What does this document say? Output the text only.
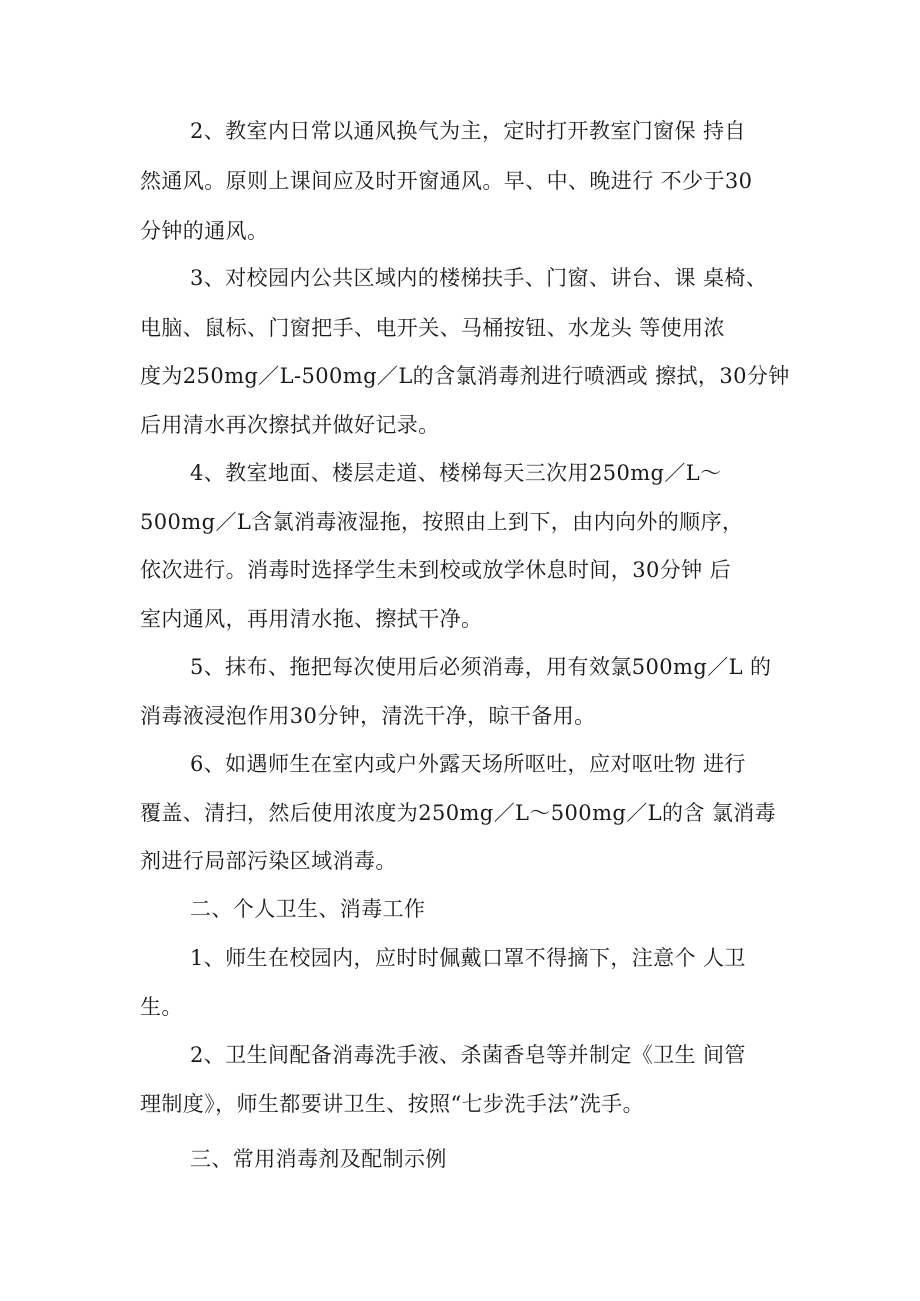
2、教室内日常以通风换气为主，定时打开教室门窗保 持自
然通风。原则上课间应及时开窗通风。早、中、晚进行 不少于30
分钟的通风。
3、对校园内公共区域内的楼梯扶手、门窗、讲台、课 桌椅、
电脑、鼠标、门窗把手、电开关、马桶按钮、水龙头 等使用浓
度为250mg／L-500mg／L的含氯消毒剂进行喷洒或 擦拭，30分钟
后用清水再次擦拭并做好记录。
4、教室地面、楼层走道、楼梯每天三次用250mg／L～
500mg／L含氯消毒液湿拖，按照由上到下，由内向外的顺序，
依次进行。消毒时选择学生未到校或放学休息时间，30分钟 后
室内通风，再用清水拖、擦拭干净。
5、抹布、拖把每次使用后必须消毒，用有效氯500mg／L 的
消毒液浸泡作用30分钟，清洗干净，晾干备用。
6、如遇师生在室内或户外露天场所呕吐，应对呕吐物 进行
覆盖、清扫，然后使用浓度为250mg／L～500mg／L的含 氯消毒
剂进行局部污染区域消毒。
二、个人卫生、消毒工作
1、师生在校园内，应时时佩戴口罩不得摘下，注意个 人卫
生。
2、卫生间配备消毒洗手液、杀菌香皂等并制定《卫生 间管
理制度》，师生都要讲卫生、按照“七步洗手法”洗手。
三、常用消毒剂及配制示例
